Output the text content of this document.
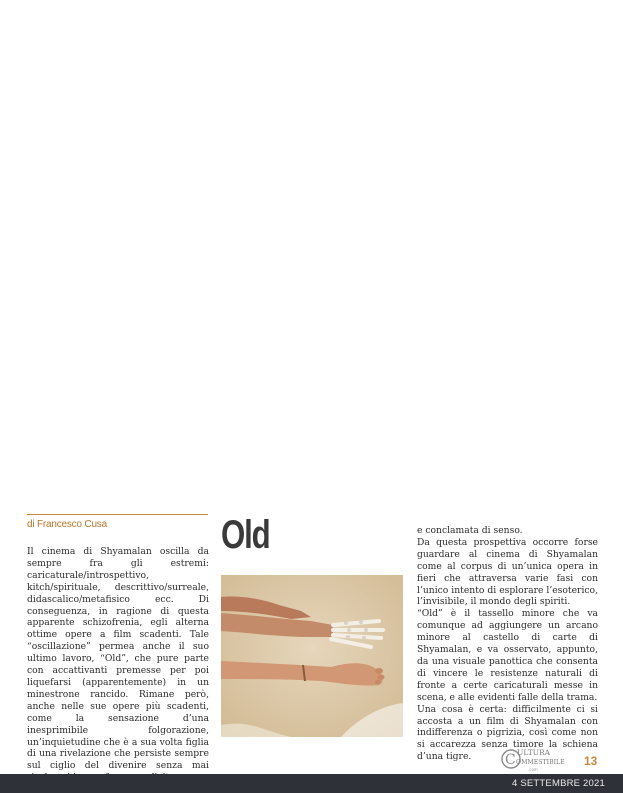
di Francesco Cusa

Il cinema di Shyamalan oscilla da sempre fra gli estremi: caricaturale/introspettivo, kitch/spirituale, descrittivo/surreale, didascalico/metafisico ecc. Di conseguenza, in ragione di questa apparente schizofrenia, egli alterna ottime opere a film scadenti. Tale “oscillazione” permea anche il suo ultimo lavoro, “Old”, che pure parte con accattivanti premesse per poi liquefarsi (apparentemente) in un minestrone rancido. Rimane però, anche nelle sue opere più scadenti, come la sensazione d’una inesprimibile folgorazione, un’inquietudine che è a sua volta figlia di una rivelazione che persiste sempre sul ciglio del divenire senza mai

Old	e conclamata di senso.

Da questa prospettiva occorre forse guardare al cinema di Shyamalan come al corpus di un’unica opera in fieri che attraversa varie fasi con l’unico intento di esplorare l’esoterico, l’invisibile, il mondo degli spiriti.

“Old” è il tassello minore che va comunque ad aggiungere un arcano minore al castello di carte di Shyamalan, e va osservato, appunto, da una visuale panottica che consenta di vincere le resistenze naturali di fronte a certe caricaturali messe in scena, e alle evidenti falle della trama.

Una cosa è certa: difficilmente ci si accosta a un film di Shyamalan con indifferenza o pigrizia, così come non si accarezza senza timore la schiena d’una tigre.	C ULTURA
OMMESTIBILE
.com
13
4 SETTEMBRE 2021
